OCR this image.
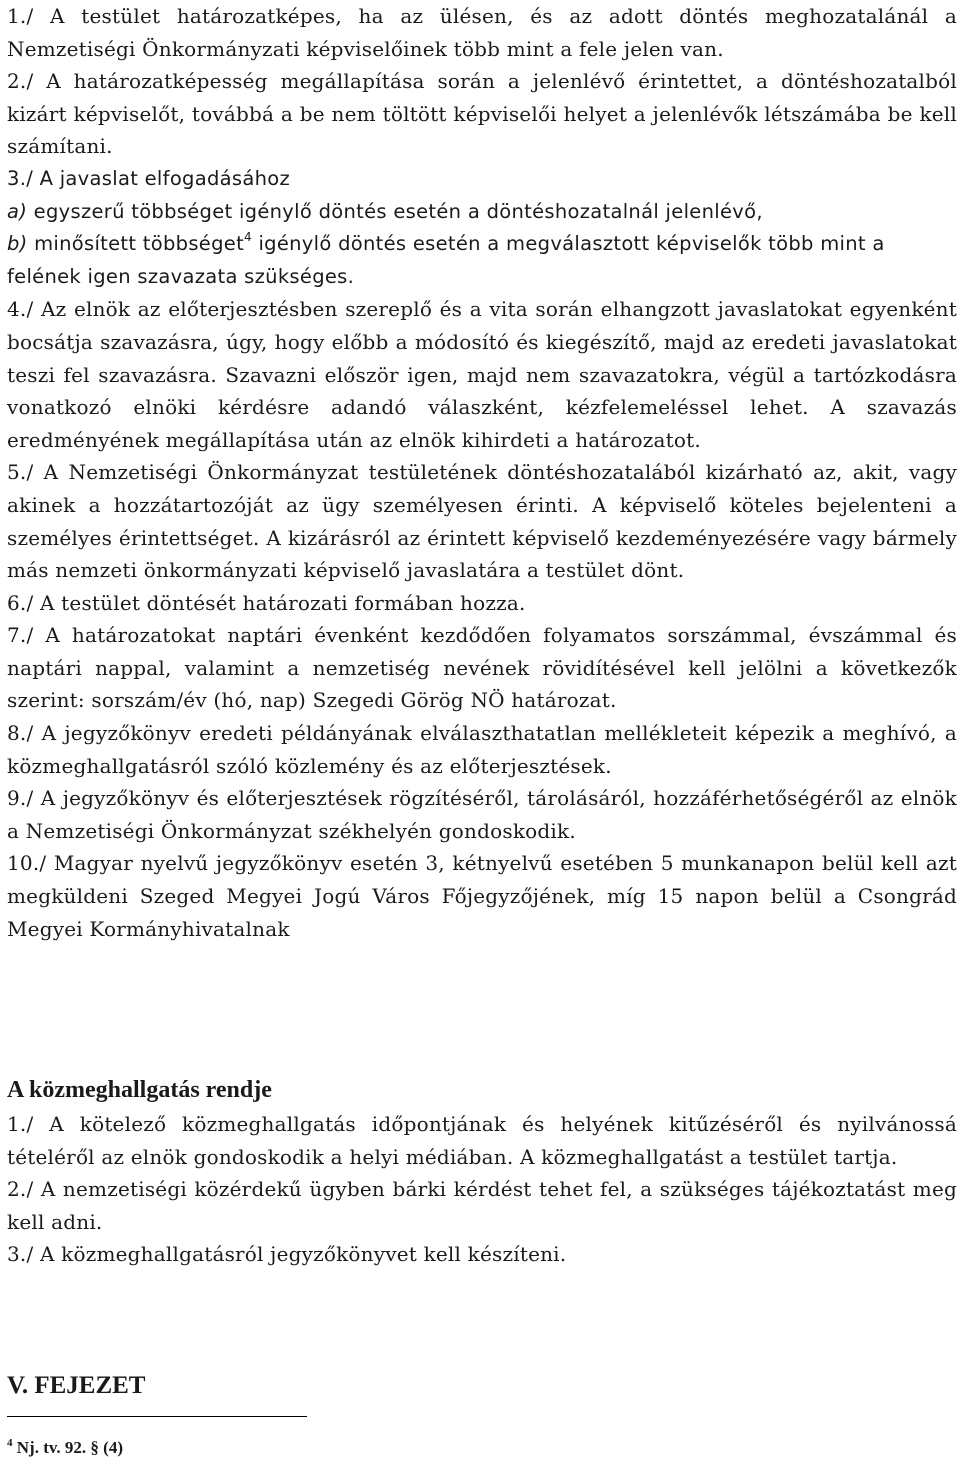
1./ A testület határozatképes, ha az ülésen, és az adott döntés meghozatalánál a Nemzetiségi Önkormányzati képviselőinek több mint a fele jelen van.

2./ A határozatképesség megállapítása során a jelenlévő érintettet, a döntéshozatalból kizárt képviselőt, továbbá a be nem töltött képviselői helyet a jelenlévők létszámába be kell számítani.

3./ A javaslat elfogadásához

a) egyszerű többséget igénylő döntés esetén a döntéshozatalnál jelenlévő,

b) minősített többséget$^4$ igénylő döntés esetén a megválasztott képviselők több mint a felének igen szavazata szükséges.

4./ Az elnök az előterjesztésben szereplő és a vita során elhangzott javaslatokat egyenként bocsátja szavazásra, úgy, hogy előbb a módosító és kiegészítő, majd az eredeti javaslatokat teszi fel szavazásra. Szavazni először igen, majd nem szavazatokra, végül a tartózkodásra vonatkozó elnöki kérdésre adandó válaszként, kézfelemeléssel lehet. A szavazás eredményének megállapítása után az elnök kihirdeti a határozatot.

5./ A Nemzetiségi Önkormányzat testületének döntéshozatalából kizárható az, akit, vagy akinek a hozzátartozóját az ügy személyesen érinti. A képviselő köteles bejelenteni a személyes érintettséget. A kizárásról az érintett képviselő kezdeményezésére vagy bármely más nemzeti önkormányzati képviselő javaslatára a testület dönt.

6./ A testület döntését határozati formában hozza.

7./ A határozatokat naptári évenként kezdődően folyamatos sorszámmal, évszámmal és naptári nappal, valamint a nemzetiség nevének rövidítésével kell jelölni a következők szerint: sorszám/év (hó, nap) Szegedi Görög NÖ határozat.

8./ A jegyzőkönyv eredeti példányának elválaszthatatlan mellékleteit képezik a meghívó, a közmeghallgatásról szóló közlemény és az előterjesztések.

9./ A jegyzőkönyv és előterjesztések rögzítéséről, tárolásáról, hozzáférhetőségéről az elnök a Nemzetiségi Önkormányzat székhelyén gondoskodik.

10./ Magyar nyelvű jegyzőkönyv esetén 3, kétnyelvű esetében 5 munkanapon belül kell azt megküldeni Szeged Megyei Jogú Város Főjegyzőjének, míg 15 napon belül a Csongrád Megyei Kormányhivatalnak

A közmeghallgatás rendje

1./ A kötelező közmeghallgatás időpontjának és helyének kitűzéséről és nyilvánossá tételéről az elnök gondoskodik a helyi médiában. A közmeghallgatást a testület tartja.

2./ A nemzetiségi közérdekű ügyben bárki kérdést tehet fel, a szükséges tájékoztatást meg kell adni.

3./ A közmeghallgatásról jegyzőkönyvet kell készíteni.

V. FEJEZET
$^4$ Nj. tv. 92. § (4)
